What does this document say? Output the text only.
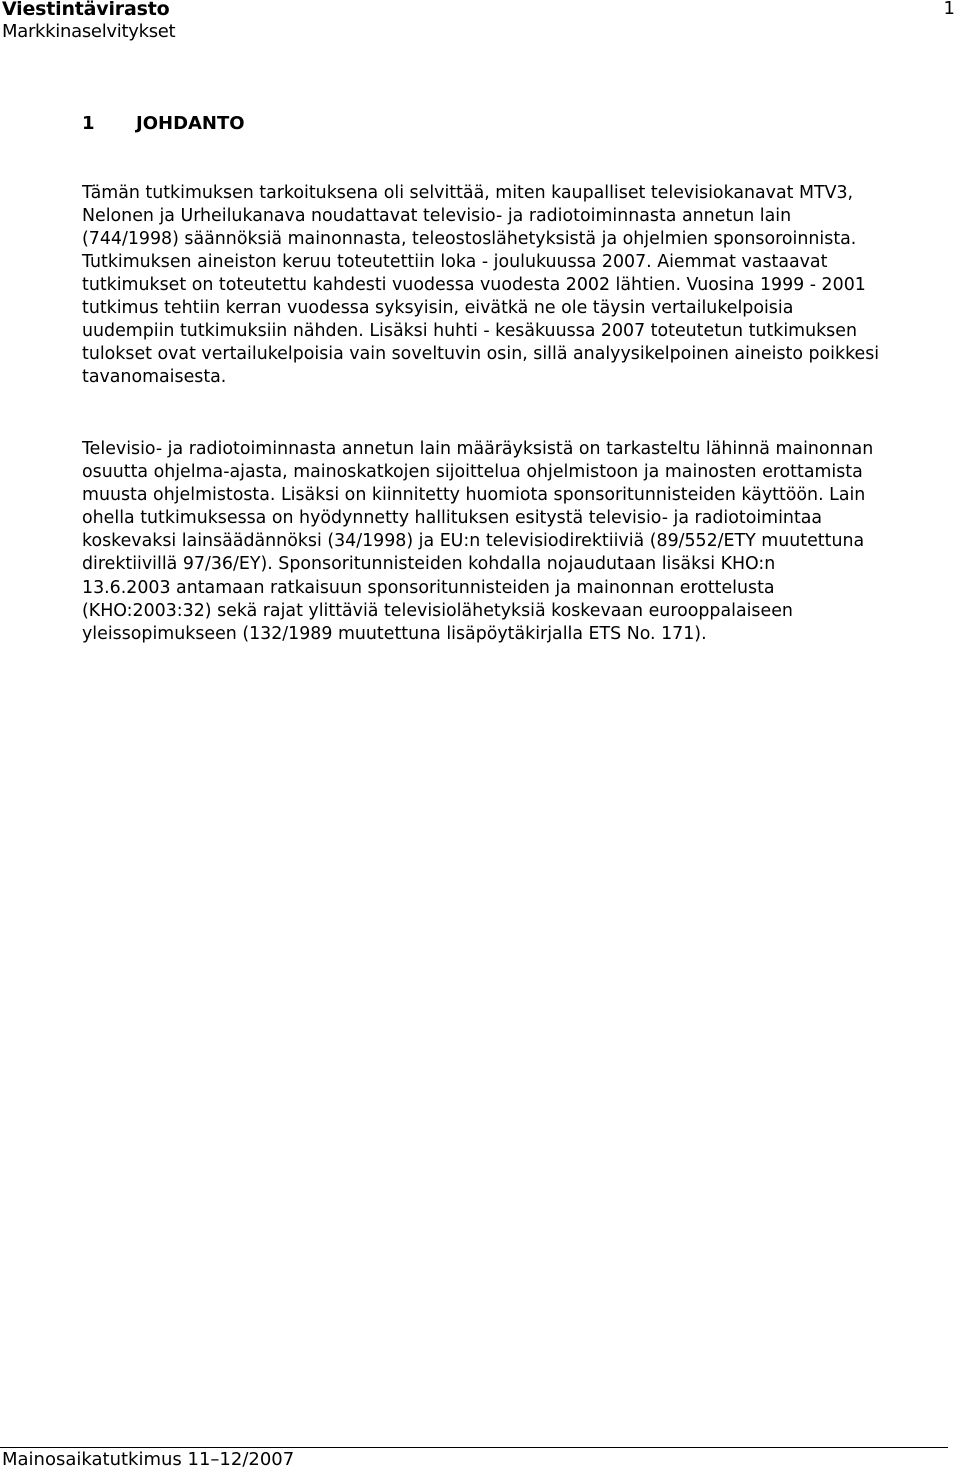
Viestintävirasto
Markkinaselvitykset
1
1 JOHDANTO

Tämän tutkimuksen tarkoituksena oli selvittää, miten kaupalliset televisiokanavat MTV3,

Nelonen ja Urheilukanava noudattavat televisio- ja radiotoiminnasta annetun lain

(744/1998) säännöksiä mainonnasta, teleostoslähetyksistä ja ohjelmien sponsoroinnista.

Tutkimuksen aineiston keruu toteutettiin loka - joulukuussa 2007. Aiemmat vastaavat

tutkimukset on toteutettu kahdesti vuodessa vuodesta 2002 lähtien. Vuosina 1999 - 2001

tutkimus tehtiin kerran vuodessa syksyisin, eivätkä ne ole täysin vertailukelpoisia

uudempiin tutkimuksiin nähden. Lisäksi huhti - kesäkuussa 2007 toteutetun tutkimuksen

tulokset ovat vertailukelpoisia vain soveltuvin osin, sillä analyysikelpoinen aineisto poikkesi

tavanomaisesta.

Televisio- ja radiotoiminnasta annetun lain määräyksistä on tarkasteltu lähinnä mainonnan

osuutta ohjelma-ajasta, mainoskatkojen sijoittelua ohjelmistoon ja mainosten erottamista

muusta ohjelmistosta. Lisäksi on kiinnitetty huomiota sponsoritunnisteiden käyttöön. Lain

ohella tutkimuksessa on hyödynnetty hallituksen esitystä televisio- ja radiotoimintaa

koskevaksi lainsäädännöksi (34/1998) ja EU:n televisiodirektiiviä (89/552/ETY muutettuna

direktiivillä 97/36/EY). Sponsoritunnisteiden kohdalla nojaudutaan lisäksi KHO:n

13.6.2003 antamaan ratkaisuun sponsoritunnisteiden ja mainonnan erottelusta

(KHO:2003:32) sekä rajat ylittäviä televisiolähetyksiä koskevaan eurooppalaiseen

yleissopimukseen (132/1989 muutettuna lisäpöytäkirjalla ETS No. 171).

Mainosaikatutkimus 11–12/2007
